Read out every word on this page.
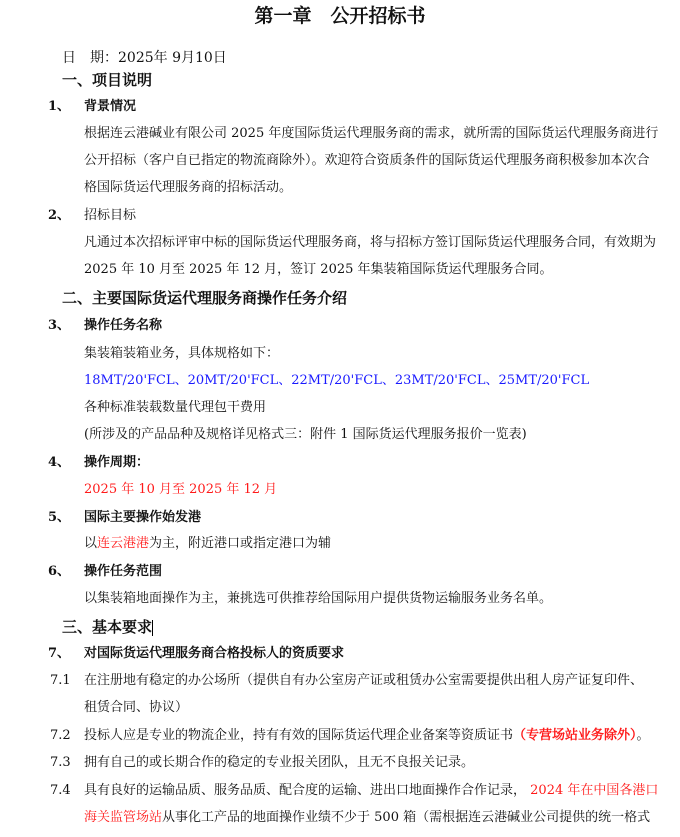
第一章　公开招标书
日　期：2025年 9月10日
一、项目说明
1、 背景情况
根据连云港碱业有限公司 2025 年度国际货运代理服务商的需求，就所需的国际货运代理服务商进行
公开招标（客户自已指定的物流商除外）。欢迎符合资质条件的国际货运代理服务商积极参加本次合
格国际货运代理服务商的招标活动。
2、 招标目标
凡通过本次招标评审中标的国际货运代理服务商，将与招标方签订国际货运代理服务合同，有效期为
2025 年 10 月至 2025 年 12 月，签订 2025 年集装箱国际货运代理服务合同。
二、主要国际货运代理服务商操作任务介绍
3、 操作任务名称
集装箱装箱业务，具体规格如下：
18MT/20'FCL、20MT/20'FCL、22MT/20'FCL、23MT/20'FCL、25MT/20'FCL
各种标准装载数量代理包干费用
(所涉及的产品品种及规格详见格式三：附件 1 国际货运代理服务报价一览表)
4、 操作周期：
2025 年 10 月至 2025 年 12 月
5、 国际主要操作始发港
以连云港港为主，附近港口或指定港口为辅
6、 操作任务范围
以集装箱地面操作为主，兼挑选可供推荐给国际用户提供货物运输服务业务名单。
三、基本要求
7、 对国际货运代理服务商合格投标人的资质要求
7.1 在注册地有稳定的办公场所（提供自有办公室房产证或租赁办公室需要提供出租人房产证复印件、
租赁合同、协议）
7.2 投标人应是专业的物流企业，持有有效的国际货运代理企业备案等资质证书（专营场站业务除外）。
7.3 拥有自己的或长期合作的稳定的专业报关团队，且无不良报关记录。
7.4 具有良好的运输品质、服务品质、配合度的运输、进出口地面操作合作记录， 2024 年在中国各港口
海关监管场站从事化工产品的地面操作业绩不少于 500 箱（需根据连云港碱业公司提供的统一格式
